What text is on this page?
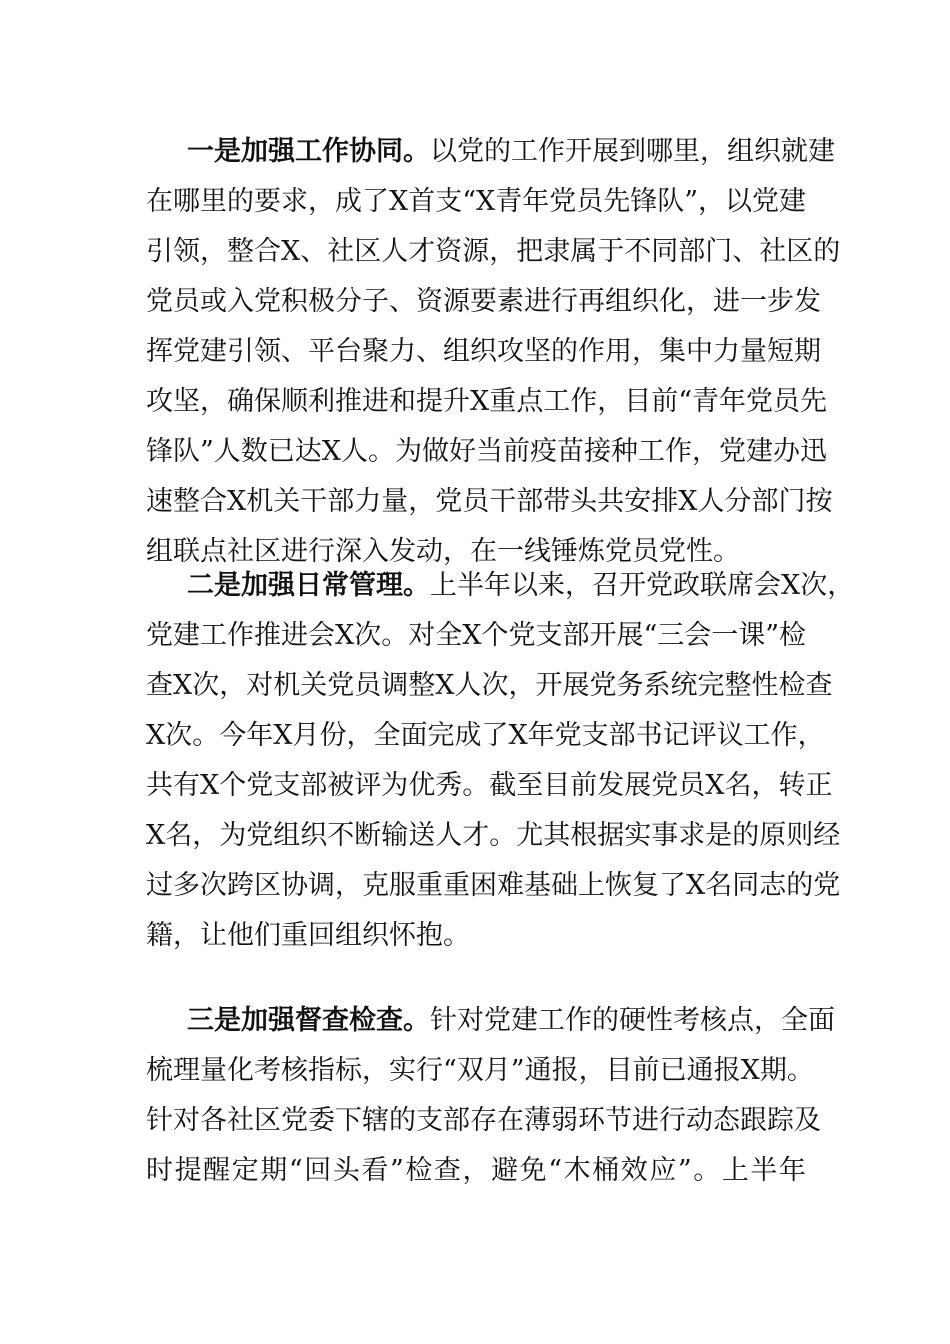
一是加强工作协同。以党的工作开展到哪里，组织就建
在哪里的要求，成了X首支“X青年党员先锋队”，以党建
引领，整合X、社区人才资源，把隶属于不同部门、社区的
党员或入党积极分子、资源要素进行再组织化，进一步发
挥党建引领、平台聚力、组织攻坚的作用，集中力量短期
攻坚，确保顺利推进和提升X重点工作，目前“青年党员先
锋队”人数已达X人。为做好当前疫苗接种工作，党建办迅
速整合X机关干部力量，党员干部带头共安排X人分部门按
组联点社区进行深入发动，在一线锤炼党员党性。
二是加强日常管理。上半年以来，召开党政联席会X次，
党建工作推进会X次。对全X个党支部开展“三会一课”检
查X次，对机关党员调整X人次，开展党务系统完整性检查
X次。今年X月份，全面完成了X年党支部书记评议工作，
共有X个党支部被评为优秀。截至目前发展党员X名，转正
X名，为党组织不断输送人才。尤其根据实事求是的原则经
过多次跨区协调，克服重重困难基础上恢复了X名同志的党
籍，让他们重回组织怀抱。
三是加强督查检查。针对党建工作的硬性考核点，全面
梳理量化考核指标，实行“双月”通报，目前已通报X期。
针对各社区党委下辖的支部存在薄弱环节进行动态跟踪及
时提醒定期“回头看”检查，避免“木桶效应”。上半年
